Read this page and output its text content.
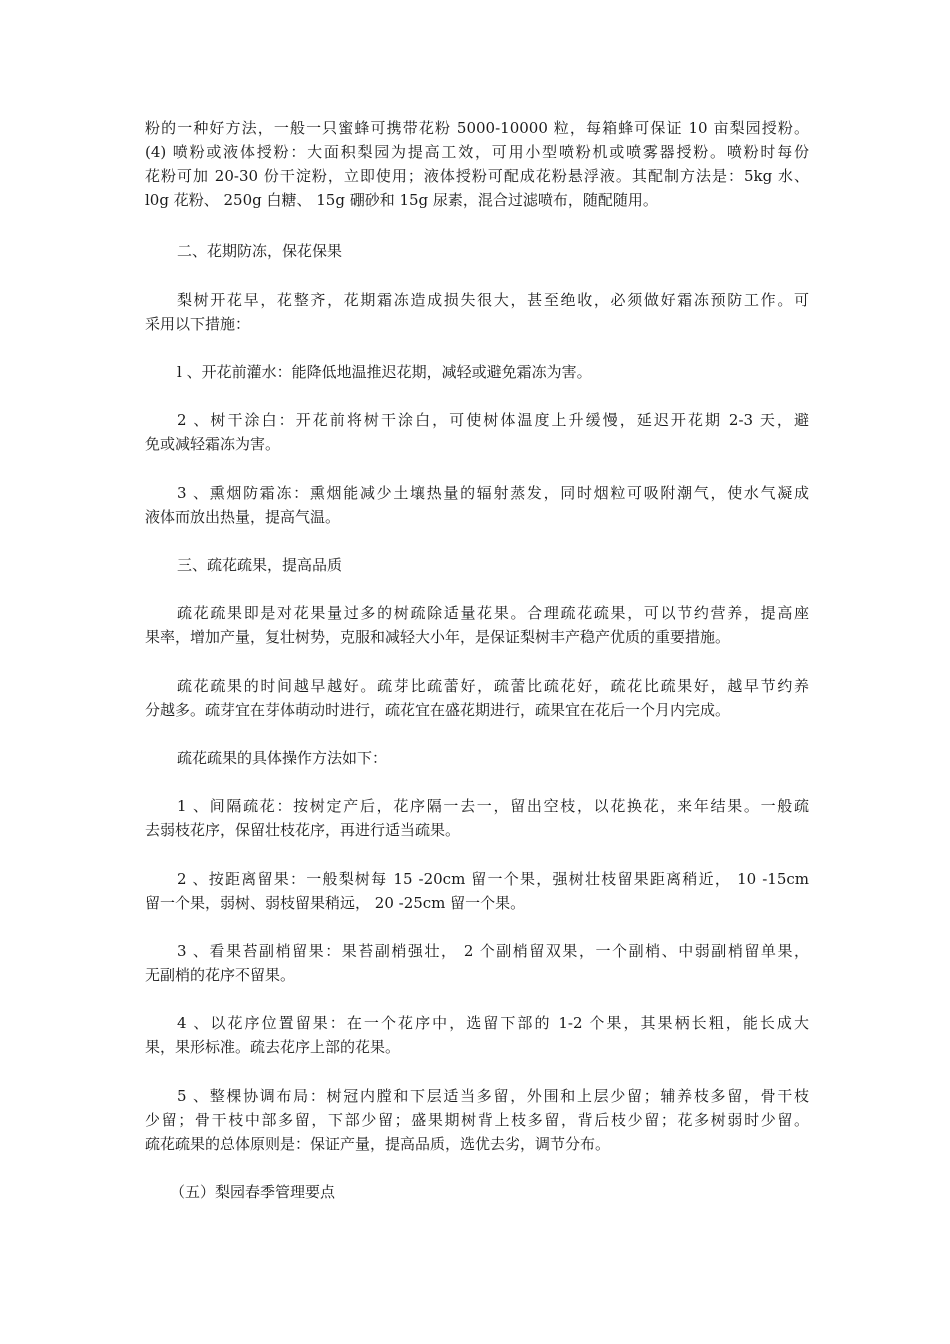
粉的一种好方法，一般一只蜜蜂可携带花粉 5000-10000 粒，每箱蜂可保证 10 亩梨园授粉。
(4) 喷粉或液体授粉：大面积梨园为提高工效，可用小型喷粉机或喷雾器授粉。喷粉时每份
花粉可加 20-30 份干淀粉，立即使用；液体授粉可配成花粉悬浮液。其配制方法是：5kg 水、
l0g 花粉、 250g 白糖、 15g 硼砂和 15g 尿素，混合过滤喷布，随配随用。
二、花期防冻，保花保果
梨树开花早，花整齐，花期霜冻造成损失很大，甚至绝收，必须做好霜冻预防工作。可
采用以下措施：
l 、开花前灌水：能降低地温推迟花期，减轻或避免霜冻为害。
2 、树干涂白：开花前将树干涂白，可使树体温度上升缓慢，延迟开花期 2-3 天，避
免或减轻霜冻为害。
3 、熏烟防霜冻：熏烟能减少土壤热量的辐射蒸发，同时烟粒可吸附潮气，使水气凝成
液体而放出热量，提高气温。
三、疏花疏果，提高品质
疏花疏果即是对花果量过多的树疏除适量花果。合理疏花疏果，可以节约营养，提高座
果率，增加产量，复壮树势，克服和减轻大小年，是保证梨树丰产稳产优质的重要措施。
疏花疏果的时间越早越好。疏芽比疏蕾好，疏蕾比疏花好，疏花比疏果好，越早节约养
分越多。疏芽宜在芽体萌动时进行，疏花宜在盛花期进行，疏果宜在花后一个月内完成。
疏花疏果的具体操作方法如下：
1 、间隔疏花：按树定产后，花序隔一去一，留出空枝，以花换花，来年结果。一般疏
去弱枝花序，保留壮枝花序，再进行适当疏果。
2 、按距离留果：一般梨树每 15 -20cm 留一个果，强树壮枝留果距离稍近， 10 -15cm
留一个果，弱树、弱枝留果稍远， 20 -25cm 留一个果。
3 、看果苔副梢留果：果苔副梢强壮， 2 个副梢留双果，一个副梢、中弱副梢留单果，
无副梢的花序不留果。
4 、以花序位置留果：在一个花序中，选留下部的 1-2 个果，其果柄长粗，能长成大
果，果形标准。疏去花序上部的花果。
5 、整棵协调布局：树冠内膛和下层适当多留，外围和上层少留；辅养枝多留，骨干枝
少留；骨干枝中部多留，下部少留；盛果期树背上枝多留，背后枝少留；花多树弱时少留。
疏花疏果的总体原则是：保证产量，提高品质，选优去劣，调节分布。
（五）梨园春季管理要点
